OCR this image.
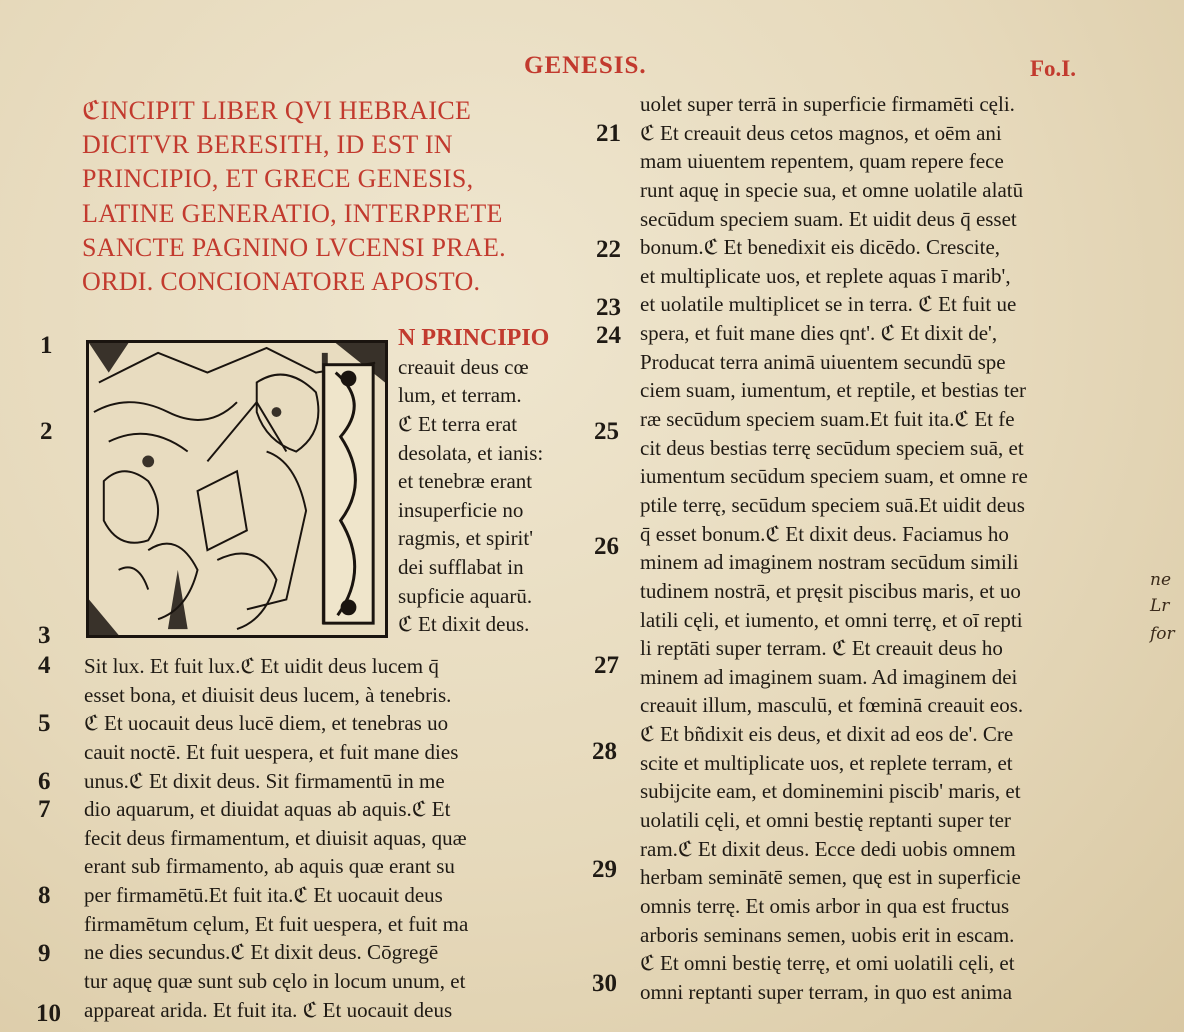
GENESIS.	Fo.I.
ℭINCIPIT LIBER QVI HEBRAICE
DICITVR BERESITH, ID EST IN
PRINCIPIO, ET GRECE GENESIS,
LATINE GENERATIO, INTERPRETE
SANCTE PAGNINO LVCENSI PRAE.
ORDI. CONCIONATORE APOSTO.
1
2
3
4
5
6
7
8
9
10
21
22
23
24
25
26
27
28
29
30
N PRINCIPIO
creauit deus cœ
lum, et terram.
ℭ Et terra erat
desolata, et ianis:
et tenebræ erant
insuperficie no
ragmis, et spirit'
dei sufflabat in
supficie aquarū.
ℭ Et dixit deus.
Sit lux. Et fuit lux.ℭ Et uidit deus lucem q̄
esset bona, et diuisit deus lucem, à tenebris.
ℭ Et uocauit deus lucē diem, et tenebras uo
cauit noctē. Et fuit uespera, et fuit mane dies
unus.ℭ Et dixit deus. Sit firmamentū in me
dio aquarum, et diuidat aquas ab aquis.ℭ Et
fecit deus firmamentum, et diuisit aquas, quæ
erant sub firmamento, ab aquis quæ erant su
per firmamētū.Et fuit ita.ℭ Et uocauit deus
firmamētum cęlum, Et fuit uespera, et fuit ma
ne dies secundus.ℭ Et dixit deus. Cōgregē
tur aquę quæ sunt sub cęlo in locum unum, et
appareat arida. Et fuit ita. ℭ Et uocauit deus
uolet super terrā in superficie firmamēti cęli.
ℭ Et creauit deus cetos magnos, et oēm ani
mam uiuentem repentem, quam repere fece
runt aquę in specie sua, et omne uolatile alatū
secūdum speciem suam. Et uidit deus q̄ esset
bonum.ℭ Et benedixit eis dicēdo. Crescite,
et multiplicate uos, et replete aquas ī marib',
et uolatile multiplicet se in terra. ℭ Et fuit ue
spera, et fuit mane dies qnt'. ℭ Et dixit de',
Producat terra animā uiuentem secundū spe
ciem suam, iumentum, et reptile, et bestias ter
ræ secūdum speciem suam.Et fuit ita.ℭ Et fe
cit deus bestias terrę secūdum speciem suā, et
iumentum secūdum speciem suam, et omne re
ptile terrę, secūdum speciem suā.Et uidit deus
q̄ esset bonum.ℭ Et dixit deus. Faciamus ho
minem ad imaginem nostram secūdum simili
tudinem nostrā, et pręsit piscibus maris, et uo
latili cęli, et iumento, et omni terrę, et oī repti
li reptāti super terram. ℭ Et creauit deus ho
minem ad imaginem suam. Ad imaginem dei
creauit illum, masculū, et fœminā creauit eos.
ℭ Et bñdixit eis deus, et dixit ad eos de'. Cre
scite et multiplicate uos, et replete terram, et
subijcite eam, et dominemini piscib' maris, et
uolatili cęli, et omni bestię reptanti super ter
ram.ℭ Et dixit deus. Ecce dedi uobis omnem
herbam seminātē semen, quę est in superficie
omnis terrę. Et omis arbor in qua est fructus
arboris seminans semen, uobis erit in escam.
ℭ Et omni bestię terrę, et omi uolatili cęli, et
omni reptanti super terram, in quo est anima
ne
Lr
for
